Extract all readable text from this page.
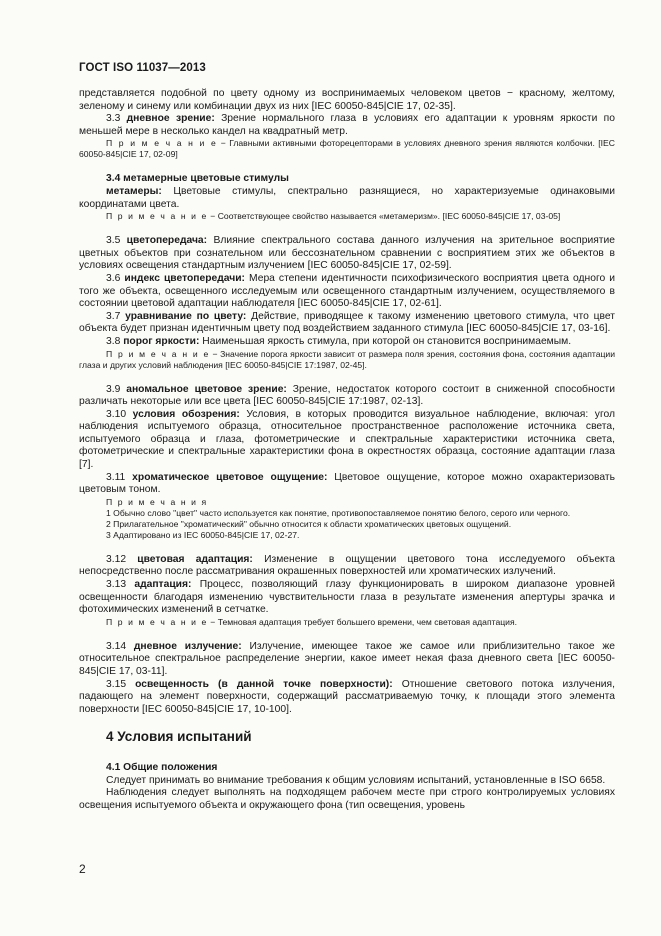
ГОСТ ISO 11037—2013

представляется подобной по цвету одному из воспринимаемых человеком цветов − красному, желтому, зеленому и синему или комбинации двух из них [IEC 60050-845|CIE 17, 02-35].

3.3 дневное зрение: Зрение нормального глаза в условиях его адаптации к уровням яркости по меньшей мере в несколько кандел на квадратный метр.

П р и м е ч а н и е − Главными активными фоторецепторами в условиях дневного зрения являются колбочки. [IEC 60050-845|CIE 17, 02-09]

3.4 метамерные цветовые стимулы

метамеры: Цветовые стимулы, спектрально разнящиеся, но характеризуемые одинаковыми координатами цвета.

П р и м е ч а н и е − Соответствующее свойство называется «метамеризм». [IEC 60050-845|CIE 17, 03-05]

3.5 цветопередача: Влияние спектрального состава данного излучения на зрительное восприятие цветных объектов при сознательном или бессознательном сравнении с восприятием этих же объектов в условиях освещения стандартным излучением [IEC 60050-845|CIE 17, 02-59].

3.6 индекс цветопередачи: Мера степени идентичности психофизического восприятия цвета одного и того же объекта, освещенного исследуемым или освещенного стандартным излучением, осуществляемого в состоянии цветовой адаптации наблюдателя [IEC 60050-845|CIE 17, 02-61].

3.7 уравнивание по цвету: Действие, приводящее к такому изменению цветового стимула, что цвет объекта будет признан идентичным цвету под воздействием заданного стимула [IEC 60050-845|CIE 17, 03-16].

3.8 порог яркости: Наименьшая яркость стимула, при которой он становится воспринимаемым.

П р и м е ч а н и е − Значение порога яркости зависит от размера поля зрения, состояния фона, состояния адаптации глаза и других условий наблюдения [IEC 60050-845|CIE 17:1987, 02-45].

3.9 аномальное цветовое зрение: Зрение, недостаток которого состоит в сниженной способности различать некоторые или все цвета [IEC 60050-845|CIE 17:1987, 02-13].

3.10 условия обозрения: Условия, в которых проводится визуальное наблюдение, включая: угол наблюдения испытуемого образца, относительное пространственное расположение источника света, испытуемого образца и глаза, фотометрические и спектральные характеристики источника света, фотометрические и спектральные характеристики фона в окрестностях образца, состояние адаптации глаза [7].

3.11 хроматическое цветовое ощущение: Цветовое ощущение, которое можно охарактеризовать цветовым тоном.

П р и м е ч а н и я

1 Обычно слово "цвет" часто используется как понятие, противопоставляемое понятию белого, серого или черного.

2 Прилагательное "хроматический" обычно относится к области хроматических цветовых ощущений.

3 Адаптировано из IEC 60050-845|CIE 17, 02-27.

3.12 цветовая адаптация: Изменение в ощущении цветового тона исследуемого объекта непосредственно после рассматривания окрашенных поверхностей или хроматических излучений.

3.13 адаптация: Процесс, позволяющий глазу функционировать в широком диапазоне уровней освещенности благодаря изменению чувствительности глаза в результате изменения апертуры зрачка и фотохимических изменений в сетчатке.

П р и м е ч а н и е − Темновая адаптация требует большего времени, чем световая адаптация.

3.14 дневное излучение: Излучение, имеющее такое же самое или приблизительно такое же относительное спектральное распределение энергии, какое имеет некая фаза дневного света [IEC 60050-845|CIE 17, 03-11].

3.15 освещенность (в данной точке поверхности): Отношение светового потока излучения, падающего на элемент поверхности, содержащий рассматриваемую точку, к площади этого элемента поверхности [IEC 60050-845|CIE 17, 10-100].

4 Условия испытаний

4.1 Общие положения

Следует принимать во внимание требования к общим условиям испытаний, установленные в ISO 6658.

Наблюдения следует выполнять на подходящем рабочем месте при строго контролируемых условиях освещения испытуемого объекта и окружающего фона (тип освещения, уровень

2
